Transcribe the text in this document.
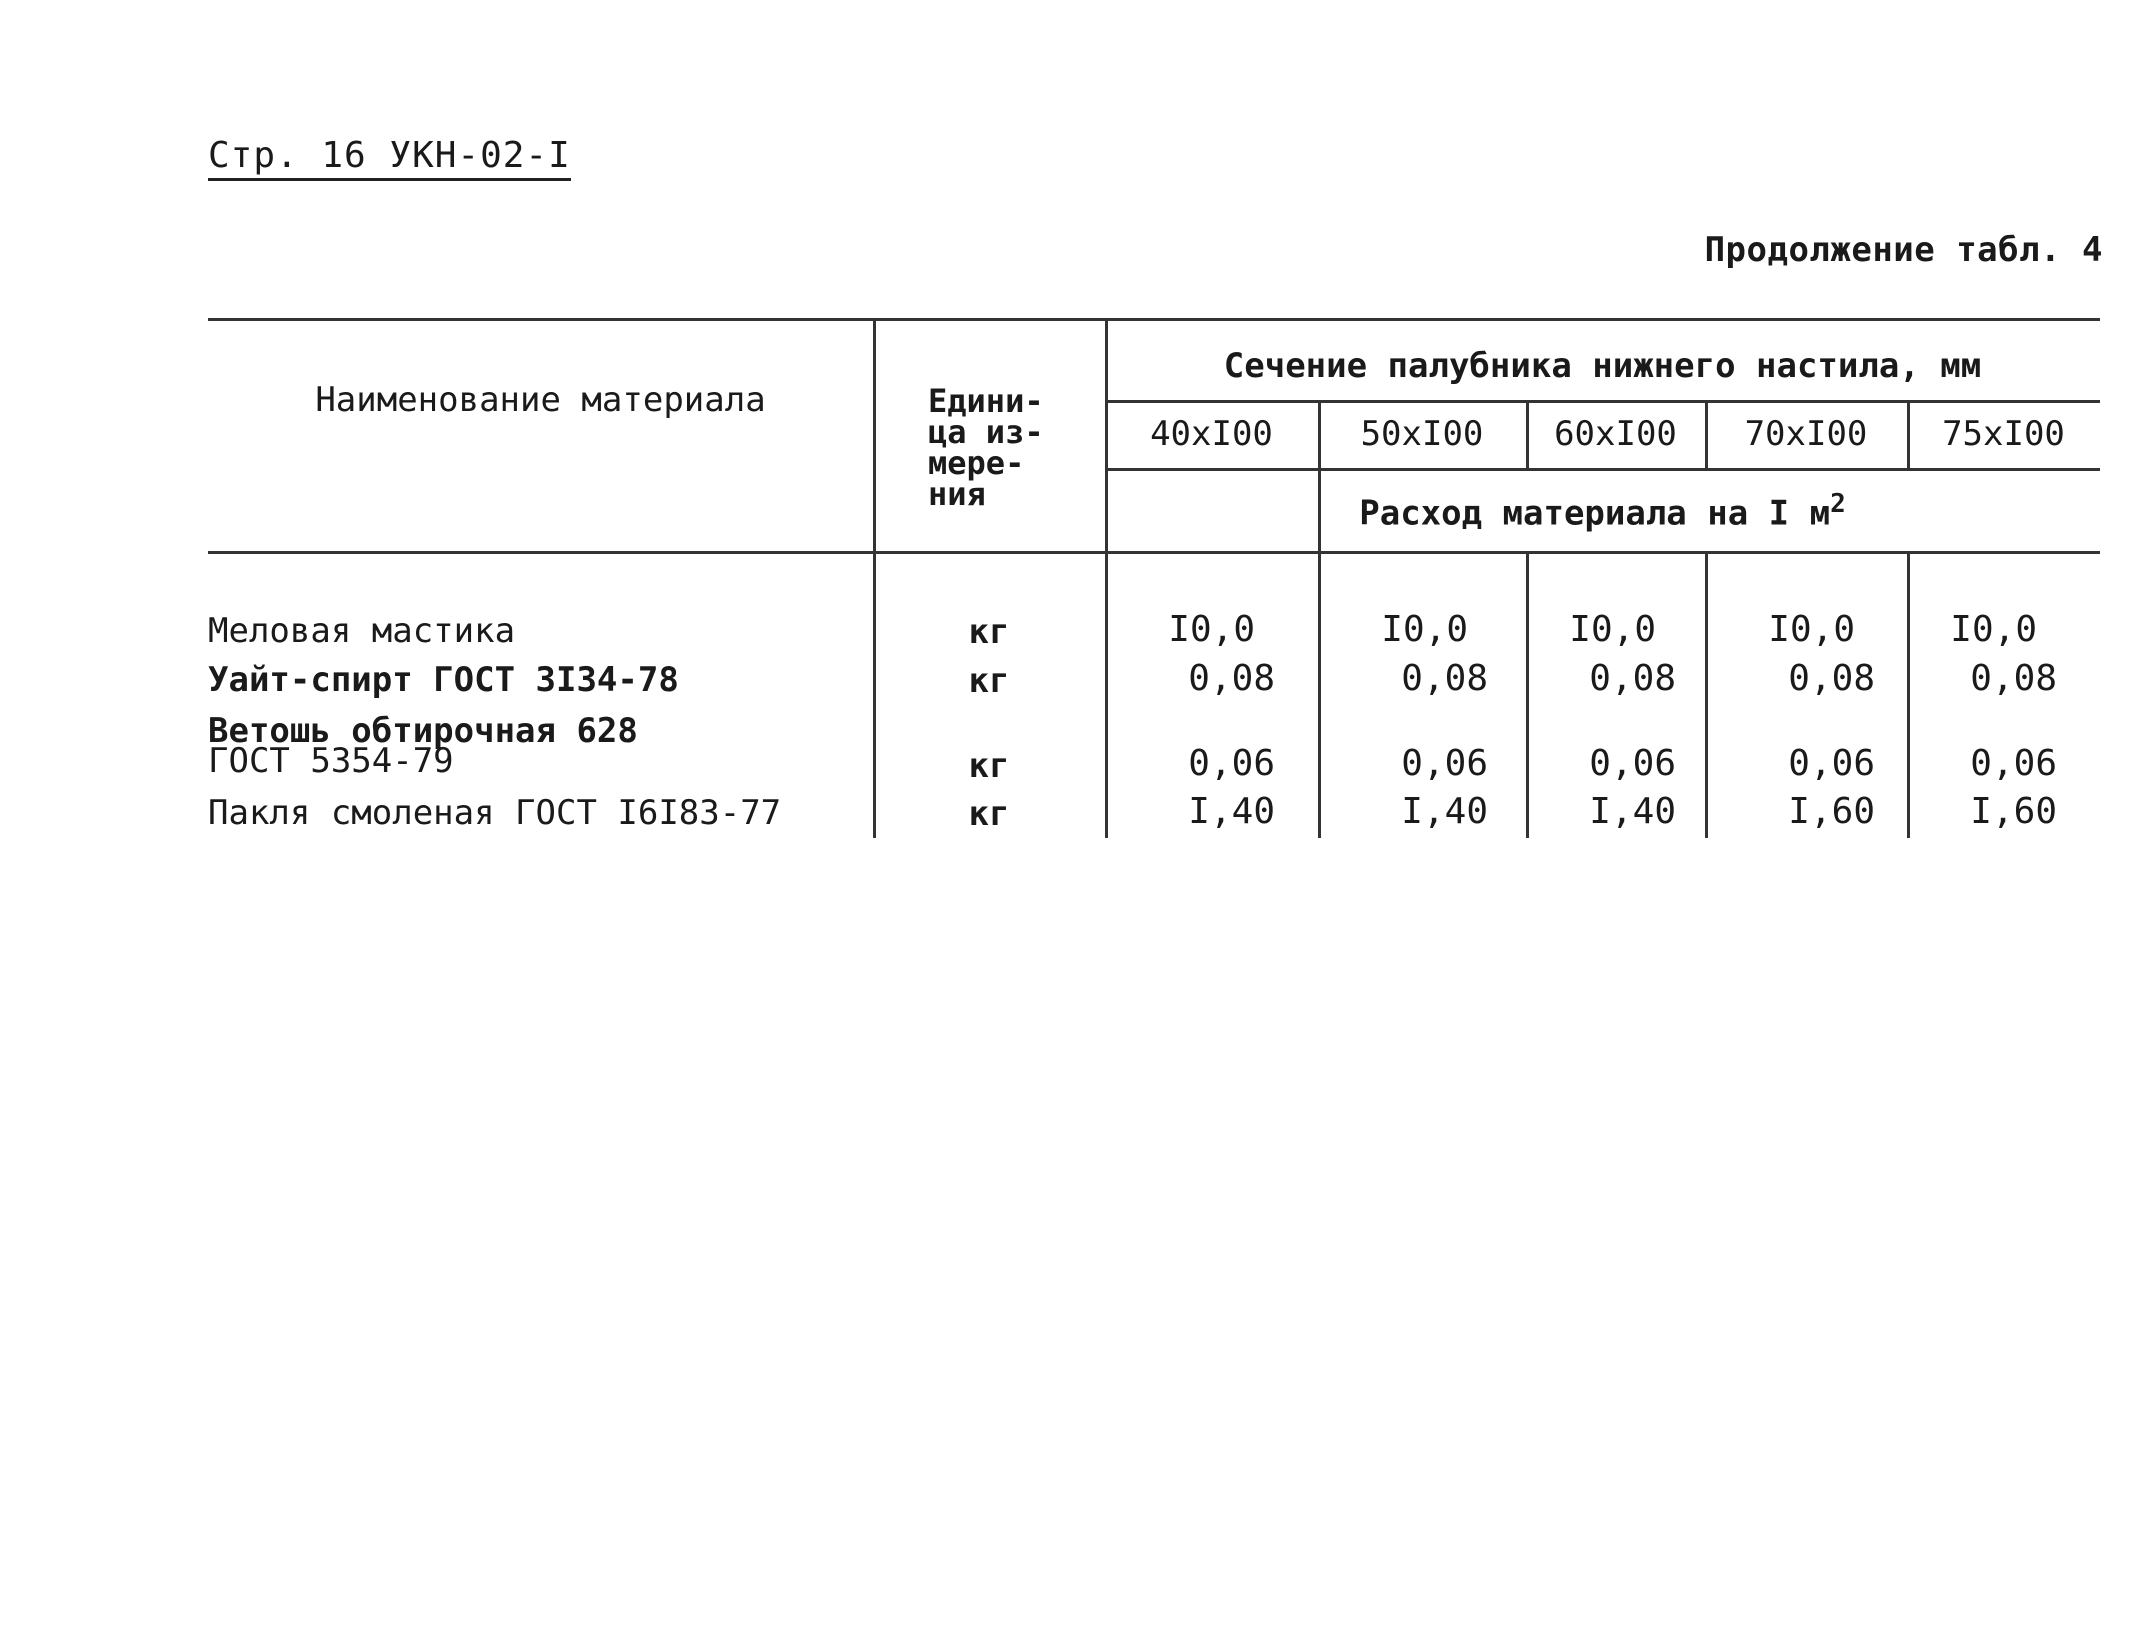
Стр. 16 УКН-02-I
Продолжение табл. 4
Наименование материала	Едини-
ца из-
мере-
ния
Сечение палубника нижнего настила, мм
40xI00	50xI00	60xI00	70xI00	75xI00
Расход материала на I $м^2$
Меловая мастика	кг	I0,0	I0,0	I0,0	I0,0	I0,0
Уайт-спирт ГОСТ 3I34-78	кг	0,08	0,08	0,08	0,08	0,08
Ветошь обтирочная 628
ГОСТ 5354-79	кг	0,06	0,06	0,06	0,06	0,06
Пакля смоленая ГОСТ I6I83-77	кг	I,40	I,40	I,40	I,60	I,60
